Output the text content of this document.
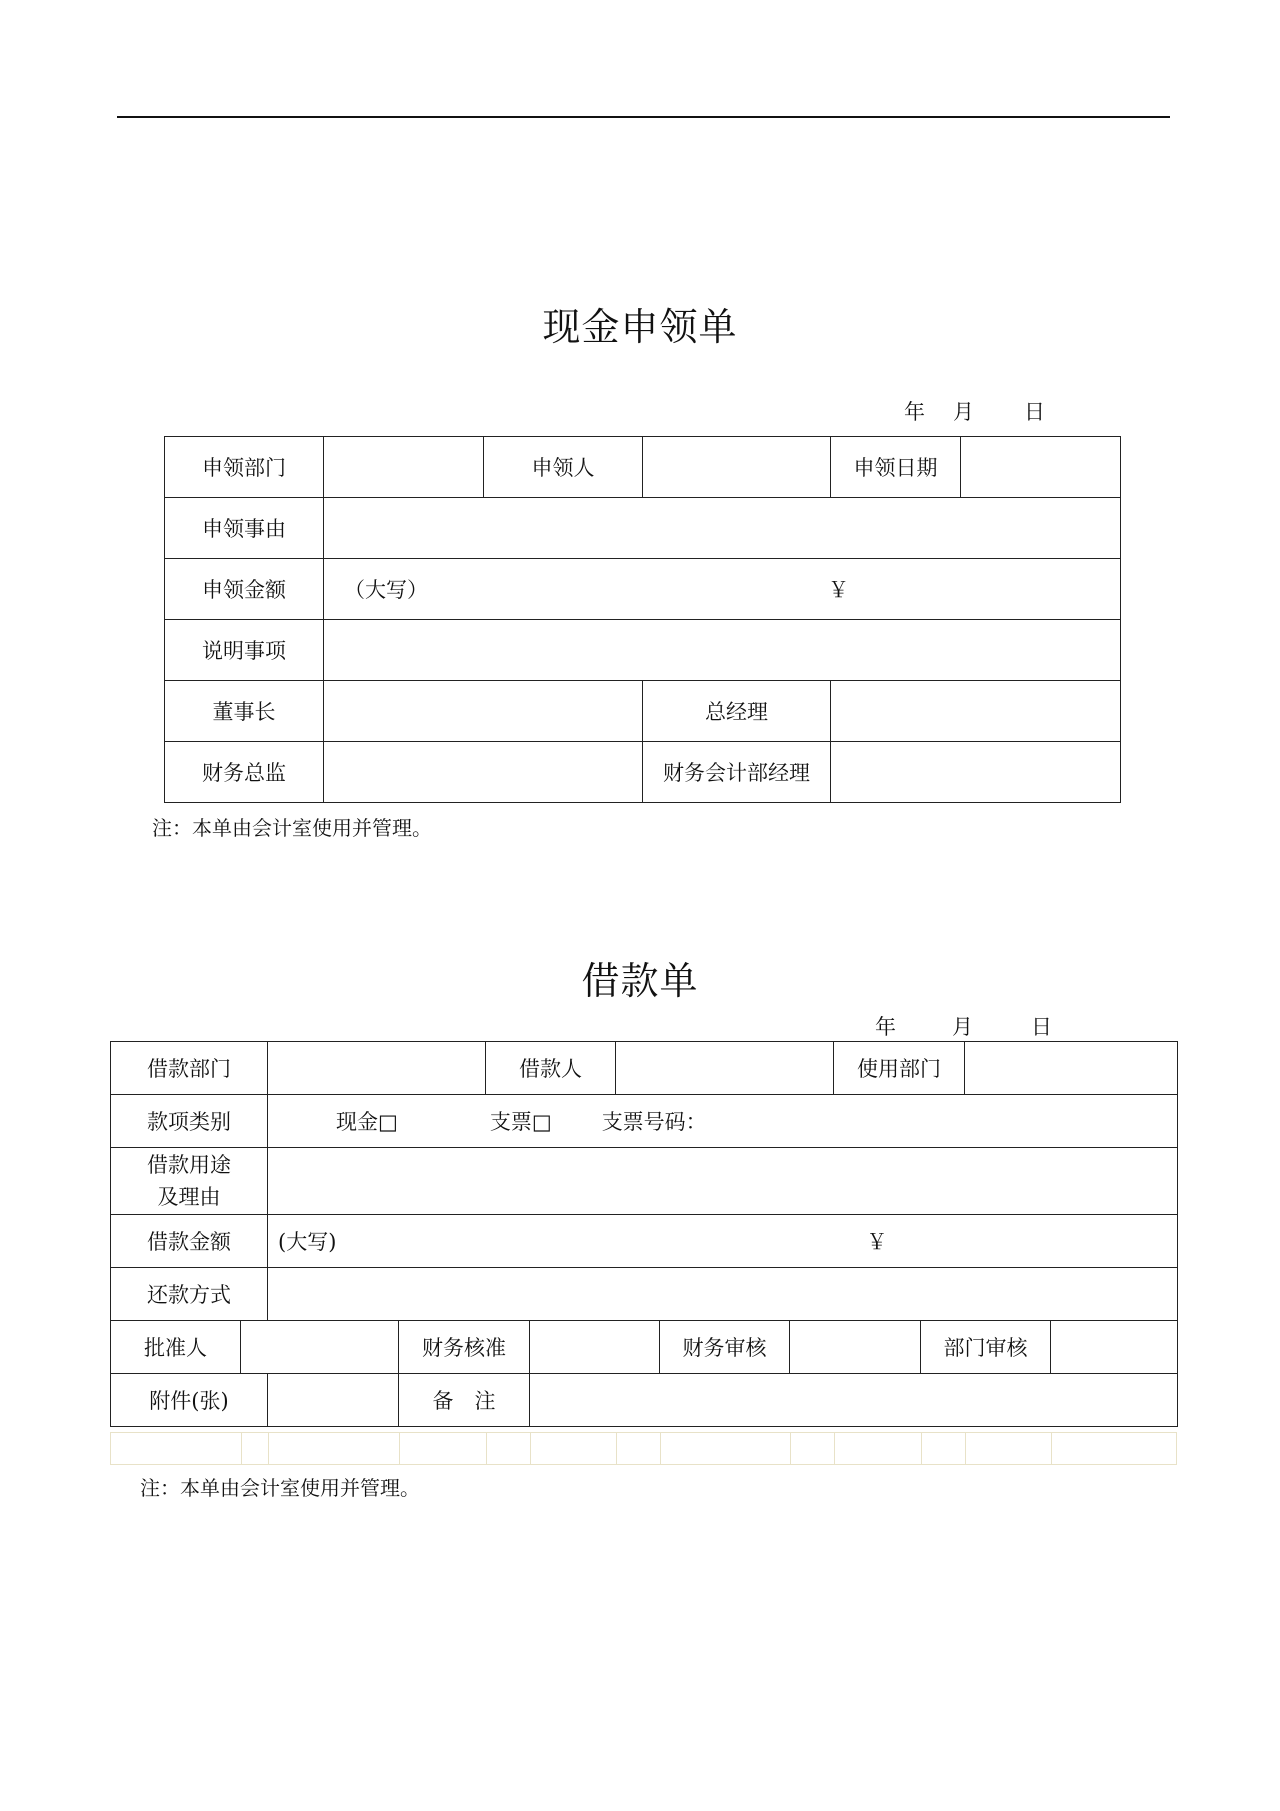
现金申领单
年 月 日
申领部门		申领人		申领日期	
申领事由					
申领金额	（大写） ￥				

说明事项					
董事长			总经理		
财务总监			财务会计部经理		
注：本单由会计室使用并管理。
借款单
年	月	日
借款部门				借款人					使用部门			
款项类别		现金□ 支票□ 支票号码：										

借款用途
及理由												

借款金额		(大写) ￥										

还款方式												
批准人			财务核准				财务审核			部门审核		
附件(张)			备　注									
注：本单由会计室使用并管理。
